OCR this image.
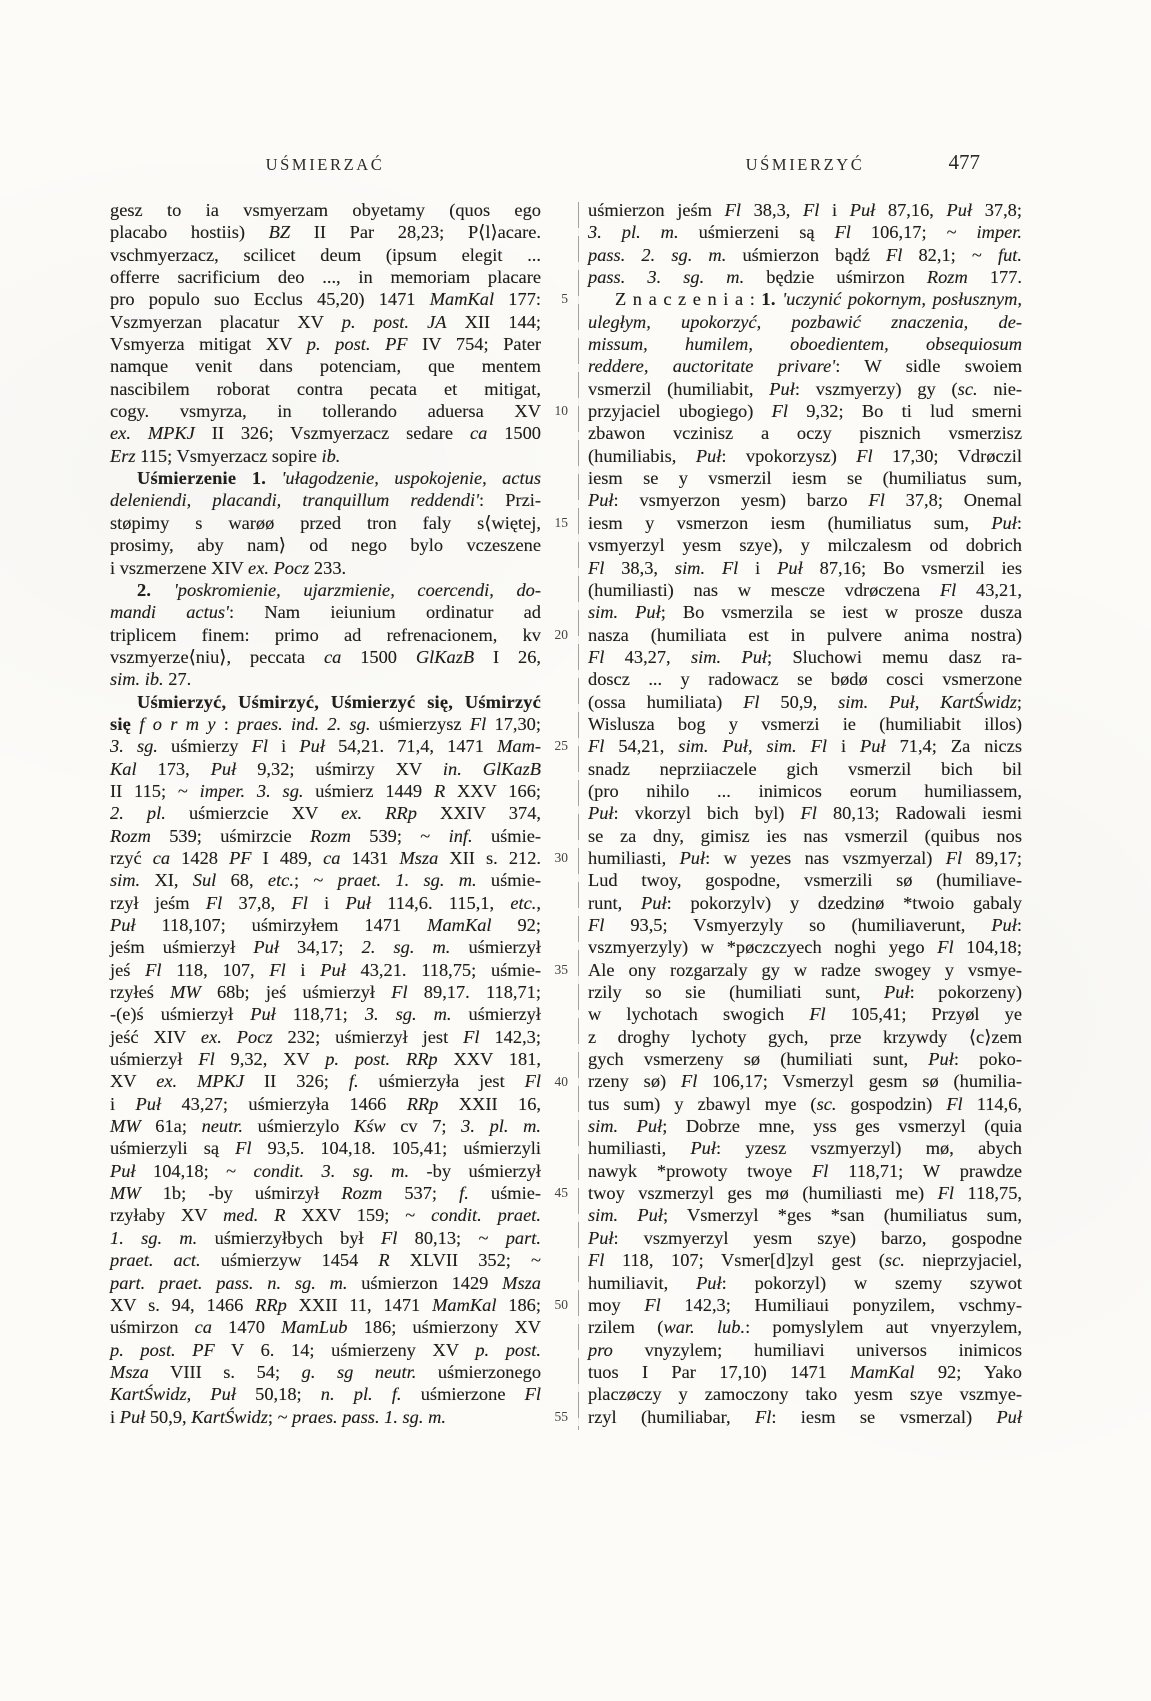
UŚMIERZAĆ	UŚMIERZYĆ	477
5
10
15
20
25
30
35
40
45
50
55
gesz to ia vsmyerzam obyetamy (quos ego
placabo hostiis) BZ II Par 28,23; P⟨l⟩acare.
vschmyerzacz, scilicet deum (ipsum elegit ...
offerre sacrificium deo ..., in memoriam placare
pro populo suo Ecclus 45,20) 1471 MamKal 177:
Vszmyerzan placatur XV p. post. JA XII 144;
Vsmyerza mitigat XV p. post. PF IV 754; Pater
namque venit dans potenciam, que mentem
nascibilem roborat contra pecata et mitigat,
cogy. vsmyrza, in tollerando aduersa XV
ex. MPKJ II 326; Vszmyerzacz sedare ca 1500
Erz 115; Vsmyerzacz sopire ib.
Uśmierzenie 1. 'ułagodzenie, uspokojenie, actus
deleniendi, placandi, tranquillum reddendi': Przi-
støpimy s warøø przed tron faly s⟨więtej,
prosimy, aby nam⟩ od nego bylo vczeszene
i vszmerzene XIV ex. Pocz 233.
2. 'poskromienie, ujarzmienie, coercendi, do-
mandi actus': Nam ieiunium ordinatur ad
triplicem finem: primo ad refrenacionem, kv
vszmyerze⟨niu⟩, peccata ca 1500 GlKazB I 26,
sim. ib. 27.
Uśmierzyć, Uśmirzyć, Uśmierzyć się, Uśmirzyć
się f o r m y : praes. ind. 2. sg. uśmierzysz Fl 17,30;
3. sg. uśmierzy Fl i Puł 54,21. 71,4, 1471 Mam-
Kal 173, Puł 9,32; uśmirzy XV in. GlKazB
II 115; ~ imper. 3. sg. uśmierz 1449 R XXV 166;
2. pl. uśmierzcie XV ex. RRp XXIV 374,
Rozm 539; uśmirzcie Rozm 539; ~ inf. uśmie-
rzyć ca 1428 PF I 489, ca 1431 Msza XII s. 212.
sim. XI, Sul 68, etc.; ~ praet. 1. sg. m. uśmie-
rzył jeśm Fl 37,8, Fl i Puł 114,6. 115,1, etc.,
Puł 118,107; uśmirzyłem 1471 MamKal 92;
jeśm uśmierzył Puł 34,17; 2. sg. m. uśmierzył
jeś Fl 118, 107, Fl i Puł 43,21. 118,75; uśmie-
rzyłeś MW 68b; jeś uśmierzył Fl 89,17. 118,71;
-(e)ś uśmierzył Puł 118,71; 3. sg. m. uśmierzył
jeść XIV ex. Pocz 232; uśmierzył jest Fl 142,3;
uśmierzył Fl 9,32, XV p. post. RRp XXV 181,
XV ex. MPKJ II 326; f. uśmierzyła jest Fl
i Puł 43,27; uśmierzyła 1466 RRp XXII 16,
MW 61a; neutr. uśmierzylo Kśw cv 7; 3. pl. m.
uśmierzyli są Fl 93,5. 104,18. 105,41; uśmierzyli
Puł 104,18; ~ condit. 3. sg. m. -by uśmierzył
MW 1b; -by uśmirzył Rozm 537; f. uśmie-
rzyłaby XV med. R XXV 159; ~ condit. praet.
1. sg. m. uśmierzyłbych był Fl 80,13; ~ part.
praet. act. uśmierzyw 1454 R XLVII 352; ~
part. praet. pass. n. sg. m. uśmierzon 1429 Msza
XV s. 94, 1466 RRp XXII 11, 1471 MamKal 186;
uśmirzon ca 1470 MamLub 186; uśmierzony XV
p. post. PF V 6. 14; uśmierzeny XV p. post.
Msza VIII s. 54; g. sg neutr. uśmierzonego
KartŚwidz, Puł 50,18; n. pl. f. uśmierzone Fl
i Puł 50,9, KartŚwidz; ~ praes. pass. 1. sg. m.
uśmierzon jeśm Fl 38,3, Fl i Puł 87,16, Puł 37,8;
3. pl. m. uśmierzeni są Fl 106,17; ~ imper.
pass. 2. sg. m. uśmierzon bądź Fl 82,1; ~ fut.
pass. 3. sg. m. będzie uśmirzon Rozm 177.
Z n a c z e n i a : 1. 'uczynić pokornym, posłusznym,
uległym, upokorzyć, pozbawić znaczenia, de-
missum, humilem, oboedientem, obsequiosum
reddere, auctoritate privare': W sidle swoiem
vsmerzil (humiliabit, Puł: vszmyerzy) gy (sc. nie-
przyjaciel ubogiego) Fl 9,32; Bo ti lud smerni
zbawon vczinisz a oczy pisznich vsmerzisz
(humiliabis, Puł: vpokorzysz) Fl 17,30; Vdrøczil
iesm se y vsmerzil iesm se (humiliatus sum,
Puł: vsmyerzon yesm) barzo Fl 37,8; Onemal
iesm y vsmerzon iesm (humiliatus sum, Puł:
vsmyerzyl yesm szye), y milczalesm od dobrich
Fl 38,3, sim. Fl i Puł 87,16; Bo vsmerzil ies
(humiliasti) nas w mescze vdrøczena Fl 43,21,
sim. Puł; Bo vsmerzila se iest w prosze dusza
nasza (humiliata est in pulvere anima nostra)
Fl 43,27, sim. Puł; Sluchowi memu dasz ra-
doscz ... y radowacz se bødø cosci vsmerzone
(ossa humiliata) Fl 50,9, sim. Puł, KartŚwidz;
Wislusza bog y vsmerzi ie (humiliabit illos)
Fl 54,21, sim. Puł, sim. Fl i Puł 71,4; Za niczs
snadz neprziiaczele gich vsmerzil bich bil
(pro nihilo ... inimicos eorum humiliassem,
Puł: vkorzyl bich byl) Fl 80,13; Radowali iesmi
se za dny, gimisz ies nas vsmerzil (quibus nos
humiliasti, Puł: w yezes nas vszmyerzal) Fl 89,17;
Lud twoy, gospodne, vsmerzili sø (humiliave-
runt, Puł: pokorzylv) y dzedzinø *twoio gabaly
Fl 93,5; Vsmyerzyly so (humiliaverunt, Puł:
vszmyerzyly) w *pøczczyech noghi yego Fl 104,18;
Ale ony rozgarzaly gy w radze swogey y vsmye-
rzily so sie (humiliati sunt, Puł: pokorzeny)
w lychotach swogich Fl 105,41; Przyøl ye
z droghy lychoty gych, prze krzywdy ⟨c⟩zem
gych vsmerzeny sø (humiliati sunt, Puł: poko-
rzeny sø) Fl 106,17; Vsmerzyl gesm sø (humilia-
tus sum) y zbawyl mye (sc. gospodzin) Fl 114,6,
sim. Puł; Dobrze mne, yss ges vsmerzyl (quia
humiliasti, Puł: yzesz vszmyerzyl) mø, abych
nawyk *prowoty twoye Fl 118,71; W prawdze
twoy vszmerzyl ges mø (humiliasti me) Fl 118,75,
sim. Puł; Vsmerzyl *ges *san (humiliatus sum,
Puł: vszmyerzyl yesm szye) barzo, gospodne
Fl 118, 107; Vsmer[d]zyl gest (sc. nieprzyjaciel,
humiliavit, Puł: pokorzyl) w szemy szywot
moy Fl 142,3; Humiliaui ponyzilem, vschmy-
rzilem (war. lub.: pomyslylem aut vnyerzylem,
pro vnyzylem; humiliavi universos inimicos
tuos I Par 17,10) 1471 MamKal 92; Yako
placzøczy y zamoczony tako yesm szye vszmye-
rzyl (humiliabar, Fl: iesm se vsmerzal) Puł
